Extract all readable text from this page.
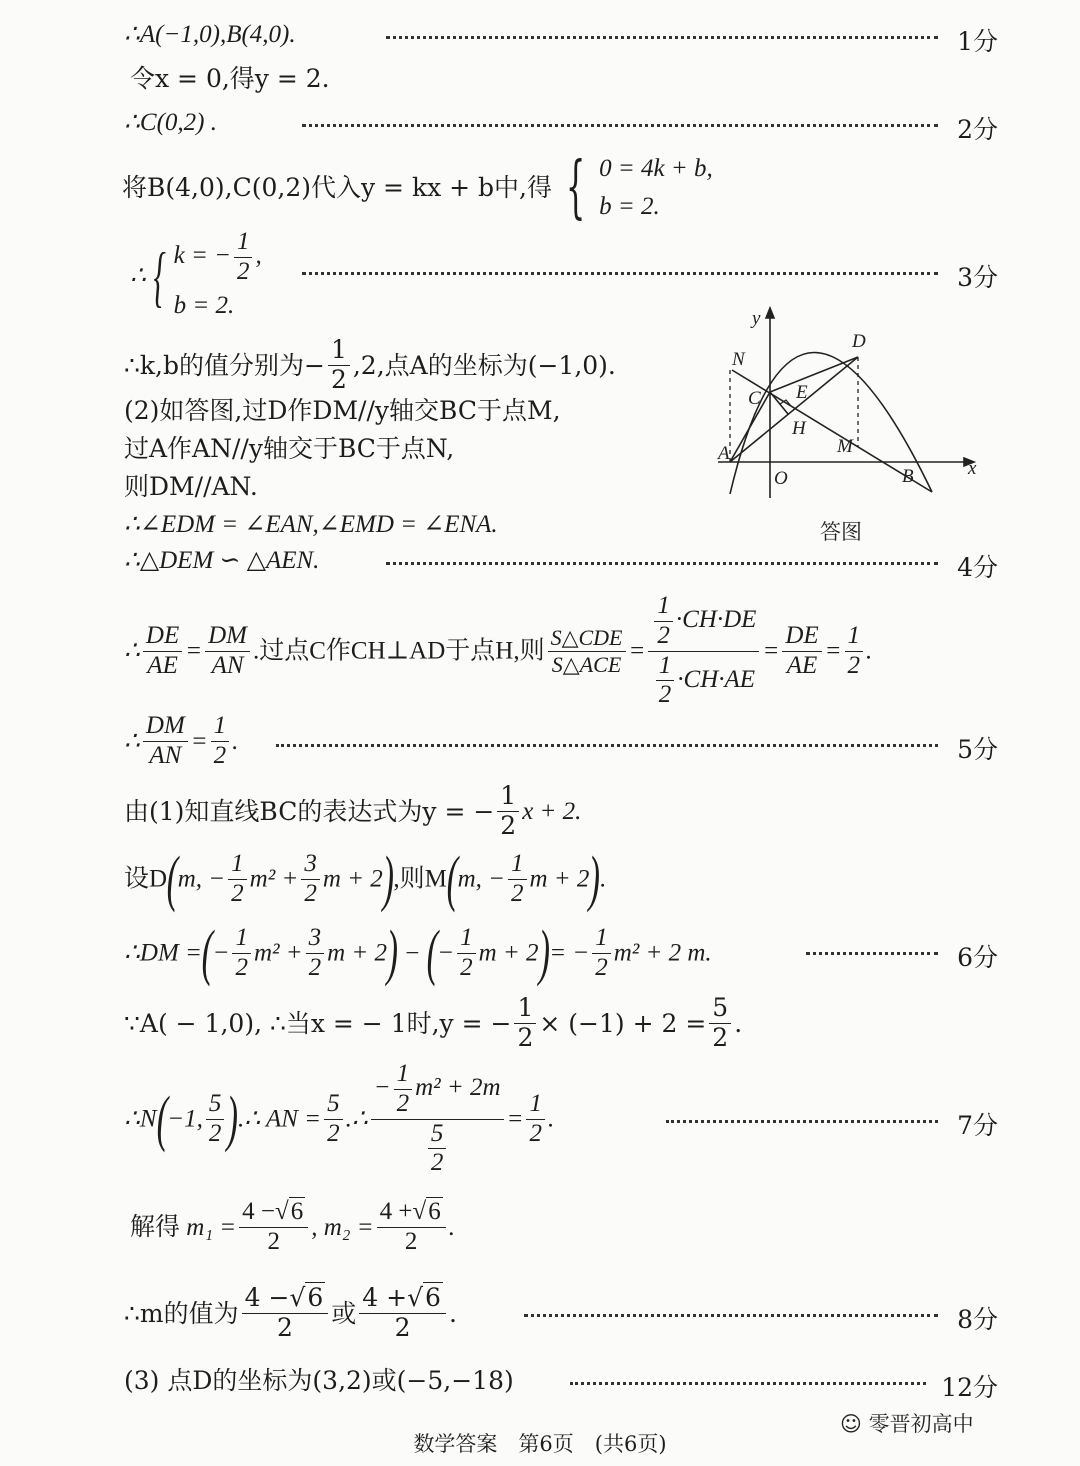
∴A(−1,0),B(4,0).	1分
令x = 0,得y = 2.
∴C(0,2) .	2分
将B(4,0),C(0,2)代入y = kx + b中,得 { 0 = 4k + b,
b = 2.
∴ { k = − $\frac{1}{2}$ ,
b = 2.
3分
∴k,b的值分别为− $\frac{1}{2} ,2$,点A的坐标为(−1,0).
(2)如答图,过D作DM//y轴交BC于点M,
过A作AN//y轴交于BC于点N,
则DM//AN.
∴∠EDM = ∠EAN,∠EMD = ∠ENA.
∴△DEM ∽ △AEN.	4分
y
N
D
C E
H
M
A
O	B	x
答图
∴ $\frac{DE}{AE} = \frac{DM}{AN}$ .过点C作CH⊥AD于点H,则 $\frac{\text{S△CDE}}{\text{S△ACE}} = \frac{\frac{1}{2} \cdot CH\cdot DE}{\frac{1}{2} \cdot CH\cdot AE} = \frac{DE}{AE} = \frac{1}{2}$ .
∴ $\frac{DM}{AN} = \frac{1}{2}$ .	5分
由(1)知直线BC的表达式为y = − $\frac{1}{2}$ x + 2.
设D(m, − $\frac{1}{2} m^2 + \frac{3}{2}$ m + 2),则M(m, − $\frac{1}{2}$ m + 2).
∴DM =(− $\frac{1}{2} m^2 + \frac{3}{2}$ m + 2) −(− $\frac{1}{2}$ $m + 2)= - \frac{1}{2} m^2 + 2$ m.	6分
∵A( − 1,0), ∴当x = − 1时,y = − $\frac{1}{2} \times (-1) + 2 = \frac{5}{2}$ .
∴N(−1, $\frac{5}{2}$ ).∴ AN = $\frac{5}{2}$ .∴ $\frac{- \frac{1}{2} m^2 + 2m}{\frac{5}{2}} = \frac{1}{2}$ .	7分
解得 $m_1 = \frac{4 -√6}{2}$ , $m_2 = \frac{4 +√6}{2}$ .
∴m的值为 $\frac{4 -√6}{2}$ 或 $\frac{4 +√6}{2}$ .	8分
(3) 点D的坐标为(3,2)或(−5,−18)	12分
数学答案　第6页　(共6页)
☺ 零晋初高中
